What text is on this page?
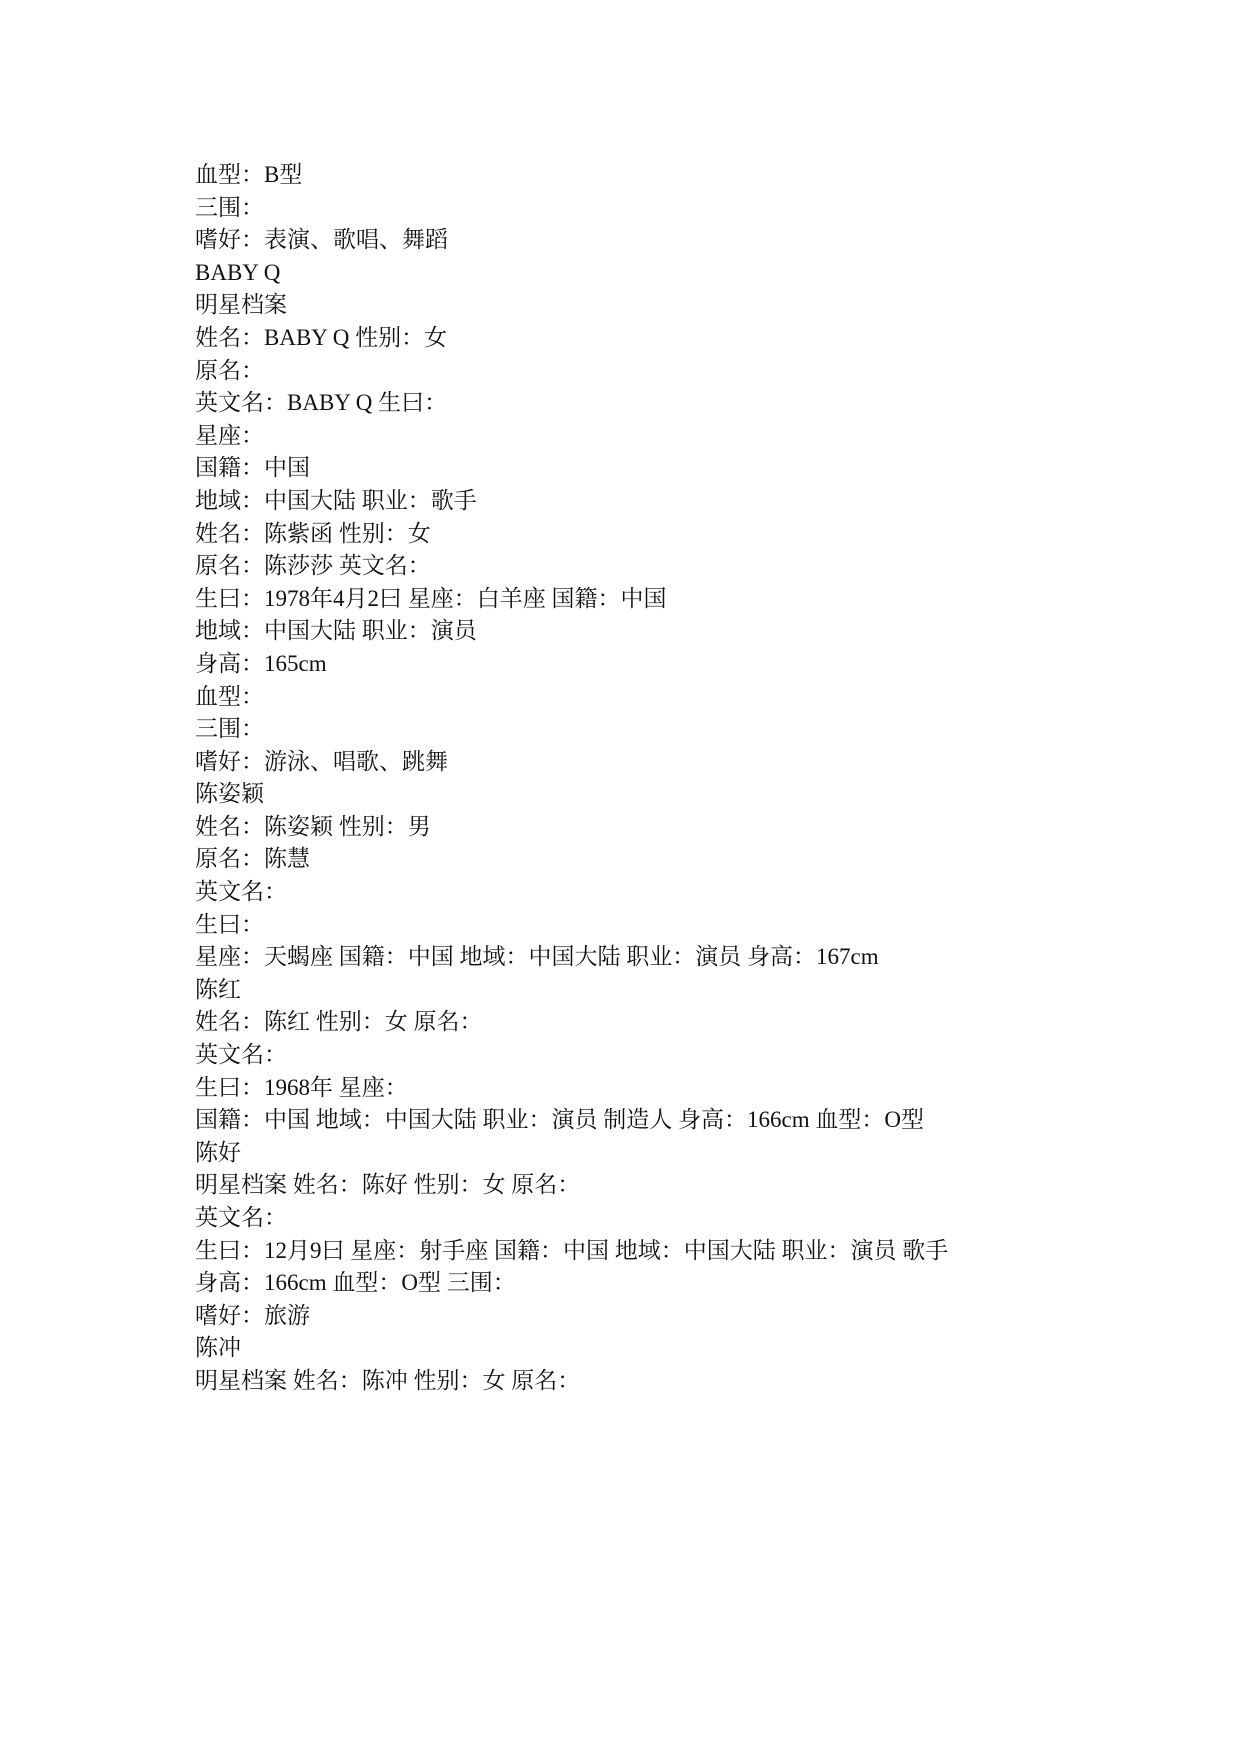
血型：B型
三围：
嗜好：表演、歌唱、舞蹈
BABY Q
明星档案
姓名：BABY Q 性别：女
原名：
英文名：BABY Q 生曰：
星座：
国籍：中国
地域：中国大陆 职业：歌手
姓名：陈紫函 性别：女
原名：陈莎莎 英文名：
生曰：1978年4月2曰 星座：白羊座 国籍：中国
地域：中国大陆 职业：演员
身高：165cm
血型：
三围：
嗜好：游泳、唱歌、跳舞
陈姿颖
姓名：陈姿颖 性别：男
原名：陈慧
英文名：
生曰：
星座：天蝎座 国籍：中国 地域：中国大陆 职业：演员 身高：167cm
陈红
姓名：陈红 性别：女 原名：
英文名：
生曰：1968年 星座：
国籍：中国 地域：中国大陆 职业：演员 制造人 身高：166cm 血型：O型
陈好
明星档案 姓名：陈好 性别：女 原名：
英文名：
生曰：12月9曰 星座：射手座 国籍：中国 地域：中国大陆 职业：演员 歌手
身高：166cm 血型：O型 三围：
嗜好：旅游
陈冲
明星档案 姓名：陈冲 性别：女 原名：
